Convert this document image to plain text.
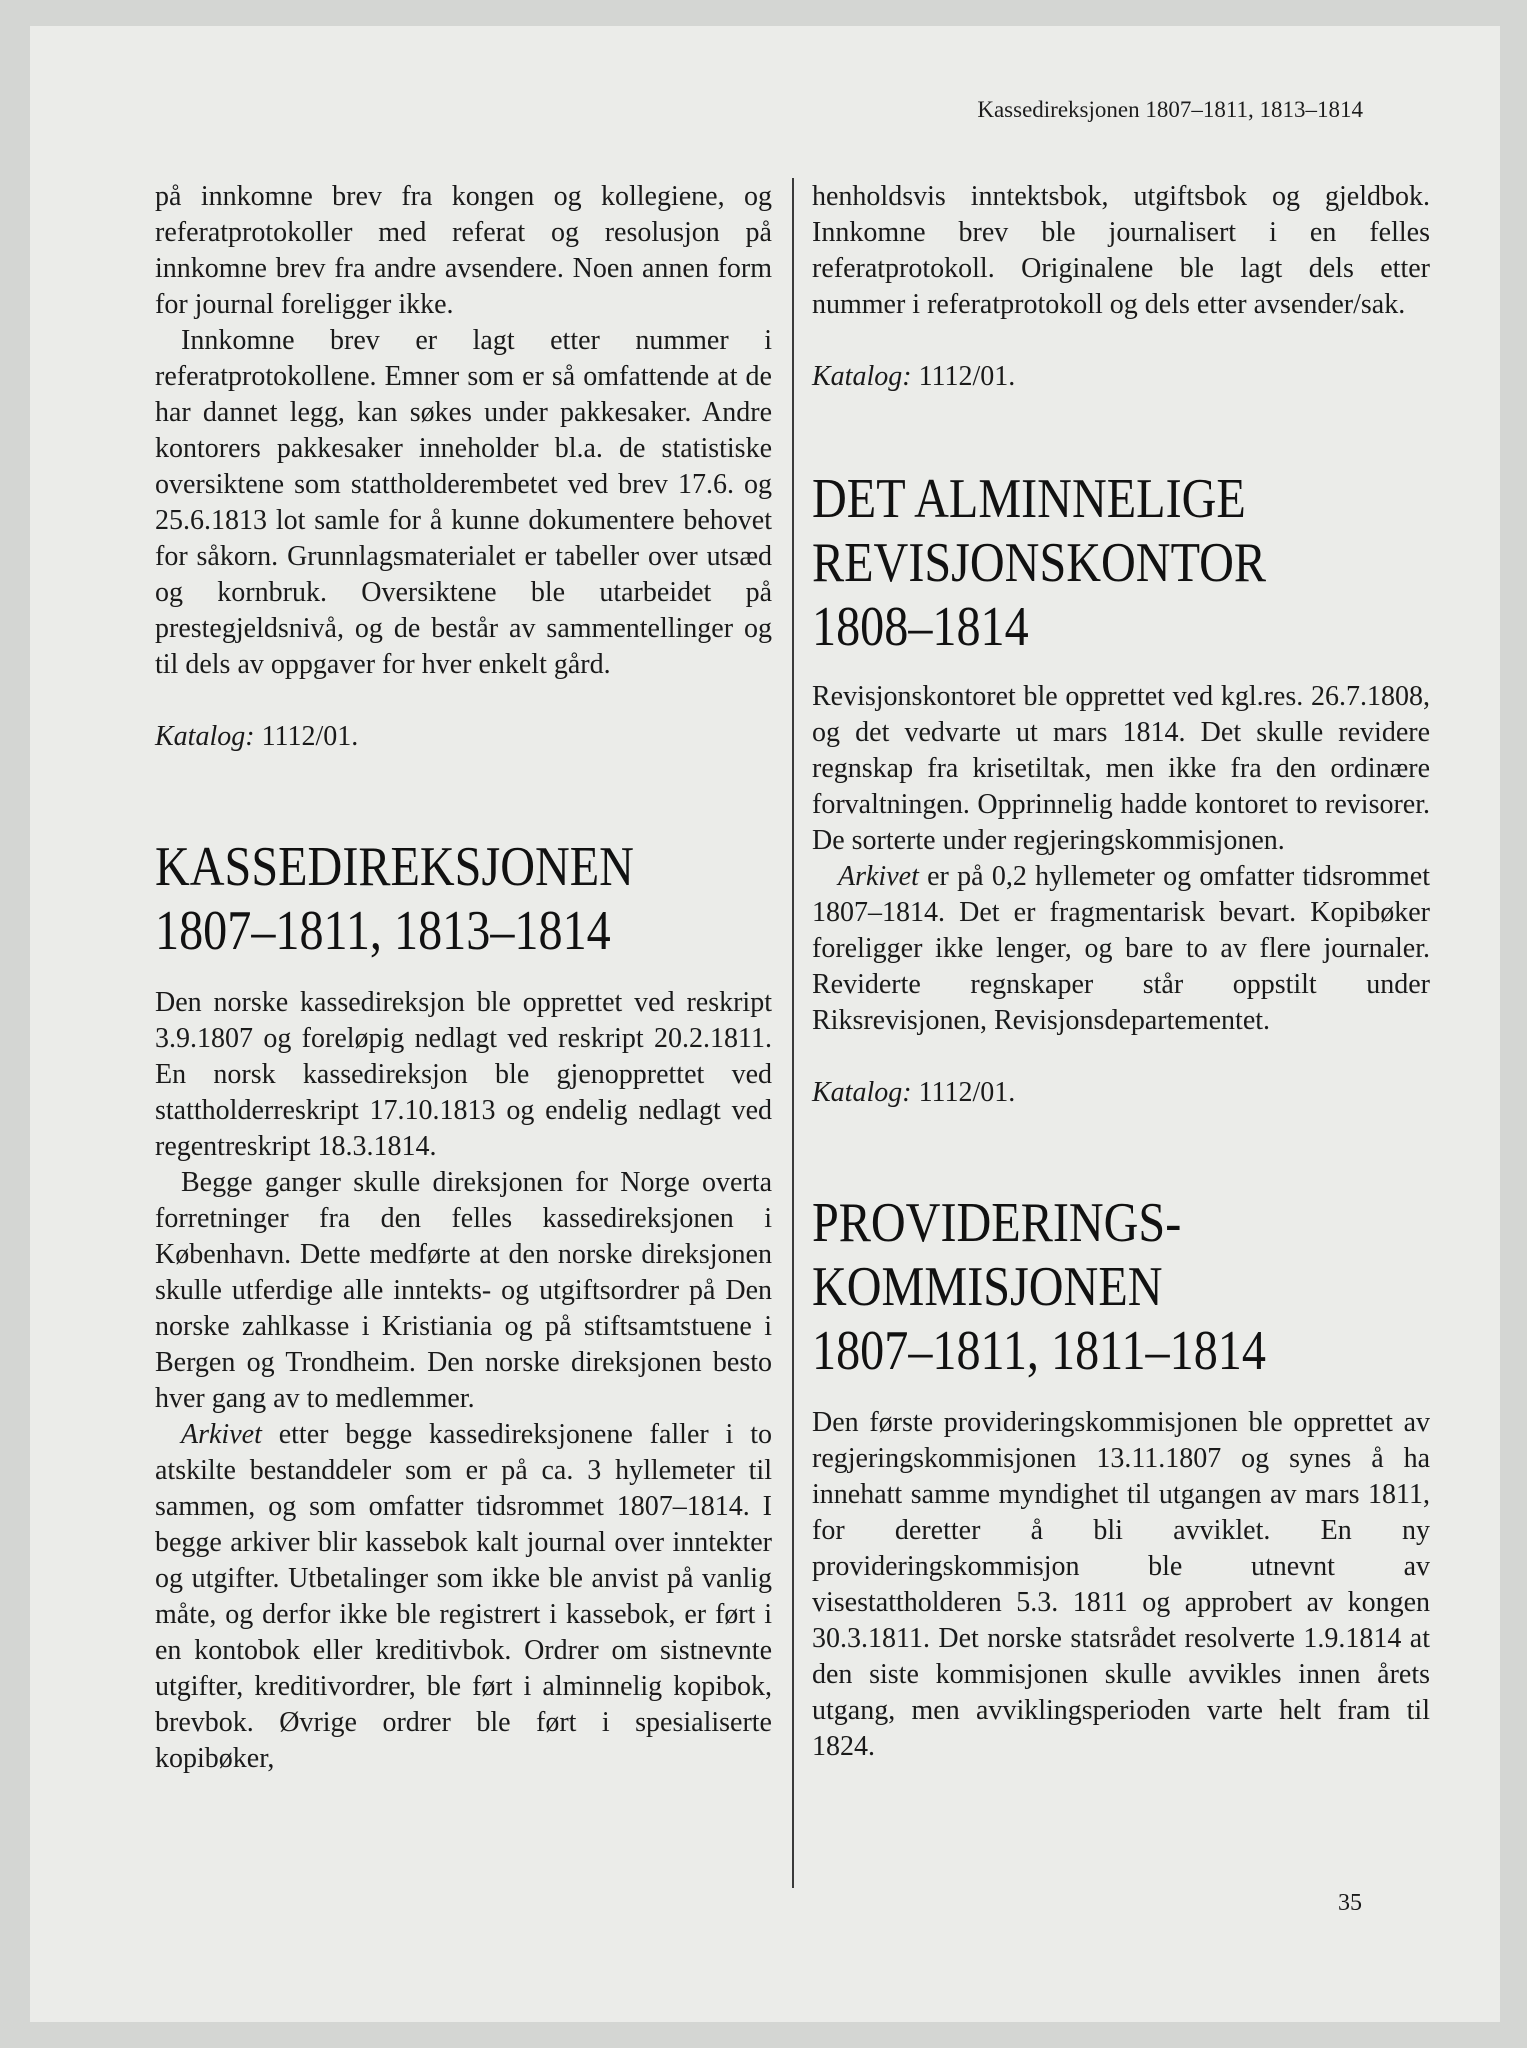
Kassedireksjonen 1807–1811, 1813–1814

på innkomne brev fra kongen og kollegiene, og referatprotokoller med referat og resolusjon på innkomne brev fra andre avsendere. Noen annen form for journal foreligger ikke.

Innkomne brev er lagt etter nummer i referatprotokollene. Emner som er så omfattende at de har dannet legg, kan søkes under pakkesaker. Andre kontorers pakkesaker inneholder bl.a. de statistiske oversiktene som stattholderembetet ved brev 17.6. og 25.6.1813 lot samle for å kunne dokumentere behovet for såkorn. Grunnlagsmaterialet er tabeller over utsæd og kornbruk. Oversiktene ble utarbeidet på prestegjeldsnivå, og de består av sammentellinger og til dels av oppgaver for hver enkelt gård.

Katalog: 1112/01.

KASSEDIREKSJONEN
1807–1811, 1813–1814

Den norske kassedireksjon ble opprettet ved reskript 3.9.1807 og foreløpig nedlagt ved reskript 20.2.1811. En norsk kassedireksjon ble gjenopprettet ved stattholderreskript 17.10.1813 og endelig nedlagt ved regentreskript 18.3.1814.

Begge ganger skulle direksjonen for Norge overta forretninger fra den felles kassedireksjonen i København. Dette medførte at den norske direksjonen skulle utferdige alle inntekts- og utgiftsordrer på Den norske zahlkasse i Kristiania og på stiftsamtstuene i Bergen og Trondheim. Den norske direksjonen besto hver gang av to medlemmer.

Arkivet etter begge kassedireksjonene faller i to atskilte bestanddeler som er på ca. 3 hyllemeter til sammen, og som omfatter tidsrommet 1807–1814. I begge arkiver blir kassebok kalt journal over inntekter og utgifter. Utbetalinger som ikke ble anvist på vanlig måte, og derfor ikke ble registrert i kassebok, er ført i en kontobok eller kreditivbok. Ordrer om sistnevnte utgifter, kreditivordrer, ble ført i alminnelig kopibok, brevbok. Øvrige ordrer ble ført i spesialiserte kopibøker,

henholdsvis inntektsbok, utgiftsbok og gjeldbok. Innkomne brev ble journalisert i en felles referatprotokoll. Originalene ble lagt dels etter nummer i referatprotokoll og dels etter avsender/sak.

Katalog: 1112/01.

DET ALMINNELIGE
REVISJONSKONTOR
1808–1814

Revisjonskontoret ble opprettet ved kgl.res. 26.7.1808, og det vedvarte ut mars 1814. Det skulle revidere regnskap fra krisetiltak, men ikke fra den ordinære forvaltningen. Opprinnelig hadde kontoret to revisorer. De sorterte under regjeringskommisjonen.

Arkivet er på 0,2 hyllemeter og omfatter tidsrommet 1807–1814. Det er fragmentarisk bevart. Kopibøker foreligger ikke lenger, og bare to av flere journaler. Reviderte regnskaper står oppstilt under Riksrevisjonen, Revisjonsdepartementet.

Katalog: 1112/01.

PROVIDERINGS-
KOMMISJONEN
1807–1811, 1811–1814

Den første provideringskommisjonen ble opprettet av regjeringskommisjonen 13.11.1807 og synes å ha innehatt samme myndighet til utgangen av mars 1811, for deretter å bli avviklet. En ny provideringskommisjon ble utnevnt av visestattholderen 5.3. 1811 og approbert av kongen 30.3.1811. Det norske statsrådet resolverte 1.9.1814 at den siste kommisjonen skulle avvikles innen årets utgang, men avviklingsperioden varte helt fram til 1824.

35
